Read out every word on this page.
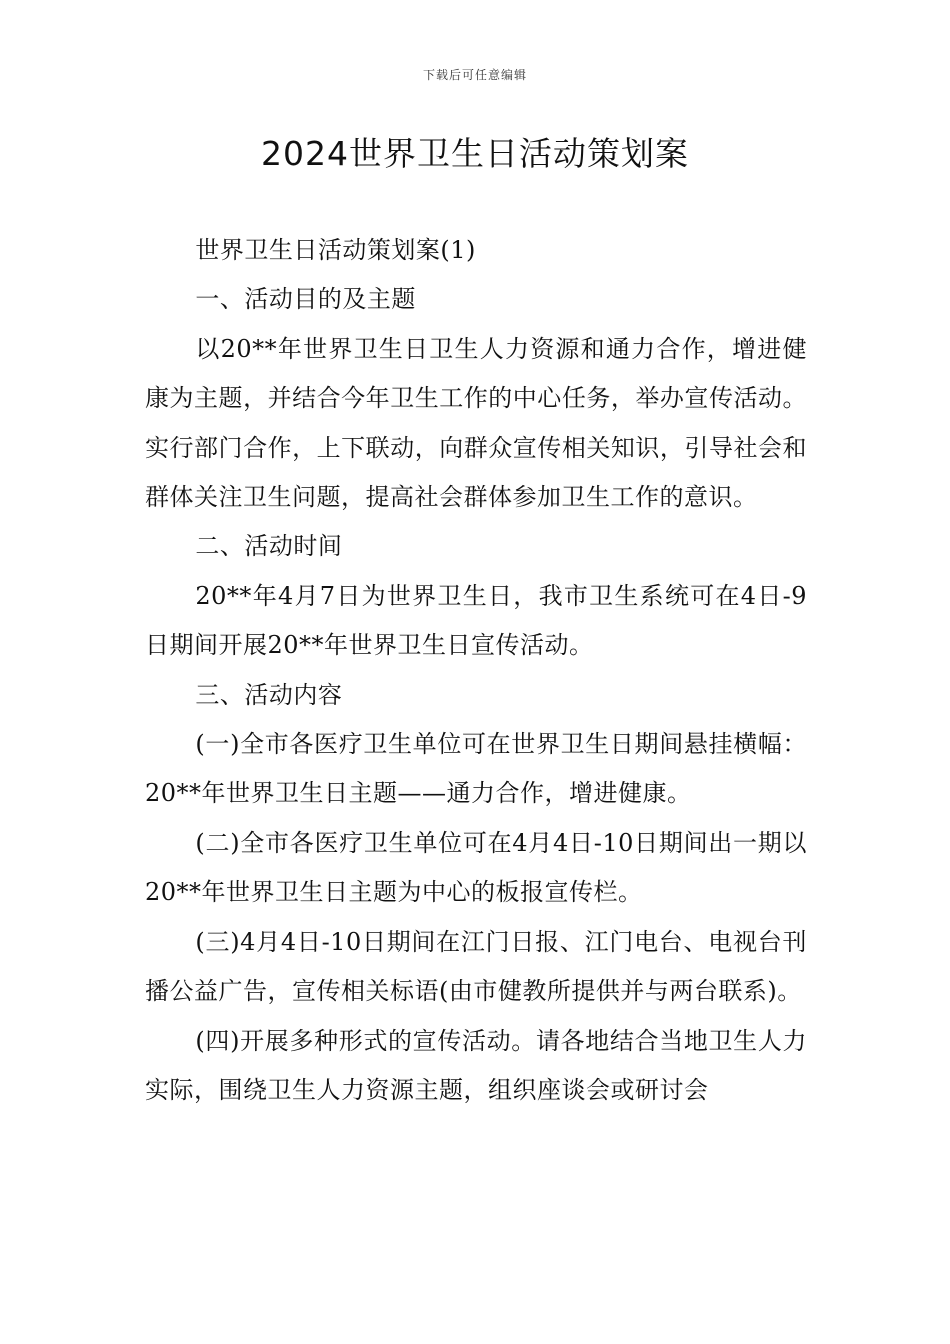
下载后可任意编辑
2024世界卫生日活动策划案

世界卫生日活动策划案(1)

一、活动目的及主题

以20**年世界卫生日卫生人力资源和通力合作，增进健康为主题，并结合今年卫生工作的中心任务，举办宣传活动。实行部门合作，上下联动，向群众宣传相关知识，引导社会和群体关注卫生问题，提高社会群体参加卫生工作的意识。

二、活动时间

20**年4月7日为世界卫生日，我市卫生系统可在4日-9日期间开展20**年世界卫生日宣传活动。

三、活动内容

(一)全市各医疗卫生单位可在世界卫生日期间悬挂横幅：20**年世界卫生日主题——通力合作，增进健康。

(二)全市各医疗卫生单位可在4月4日-10日期间出一期以20**年世界卫生日主题为中心的板报宣传栏。

(三)4月4日-10日期间在江门日报、江门电台、电视台刊播公益广告，宣传相关标语(由市健教所提供并与两台联系)。

(四)开展多种形式的宣传活动。请各地结合当地卫生人力实际，围绕卫生人力资源主题，组织座谈会或研讨会
